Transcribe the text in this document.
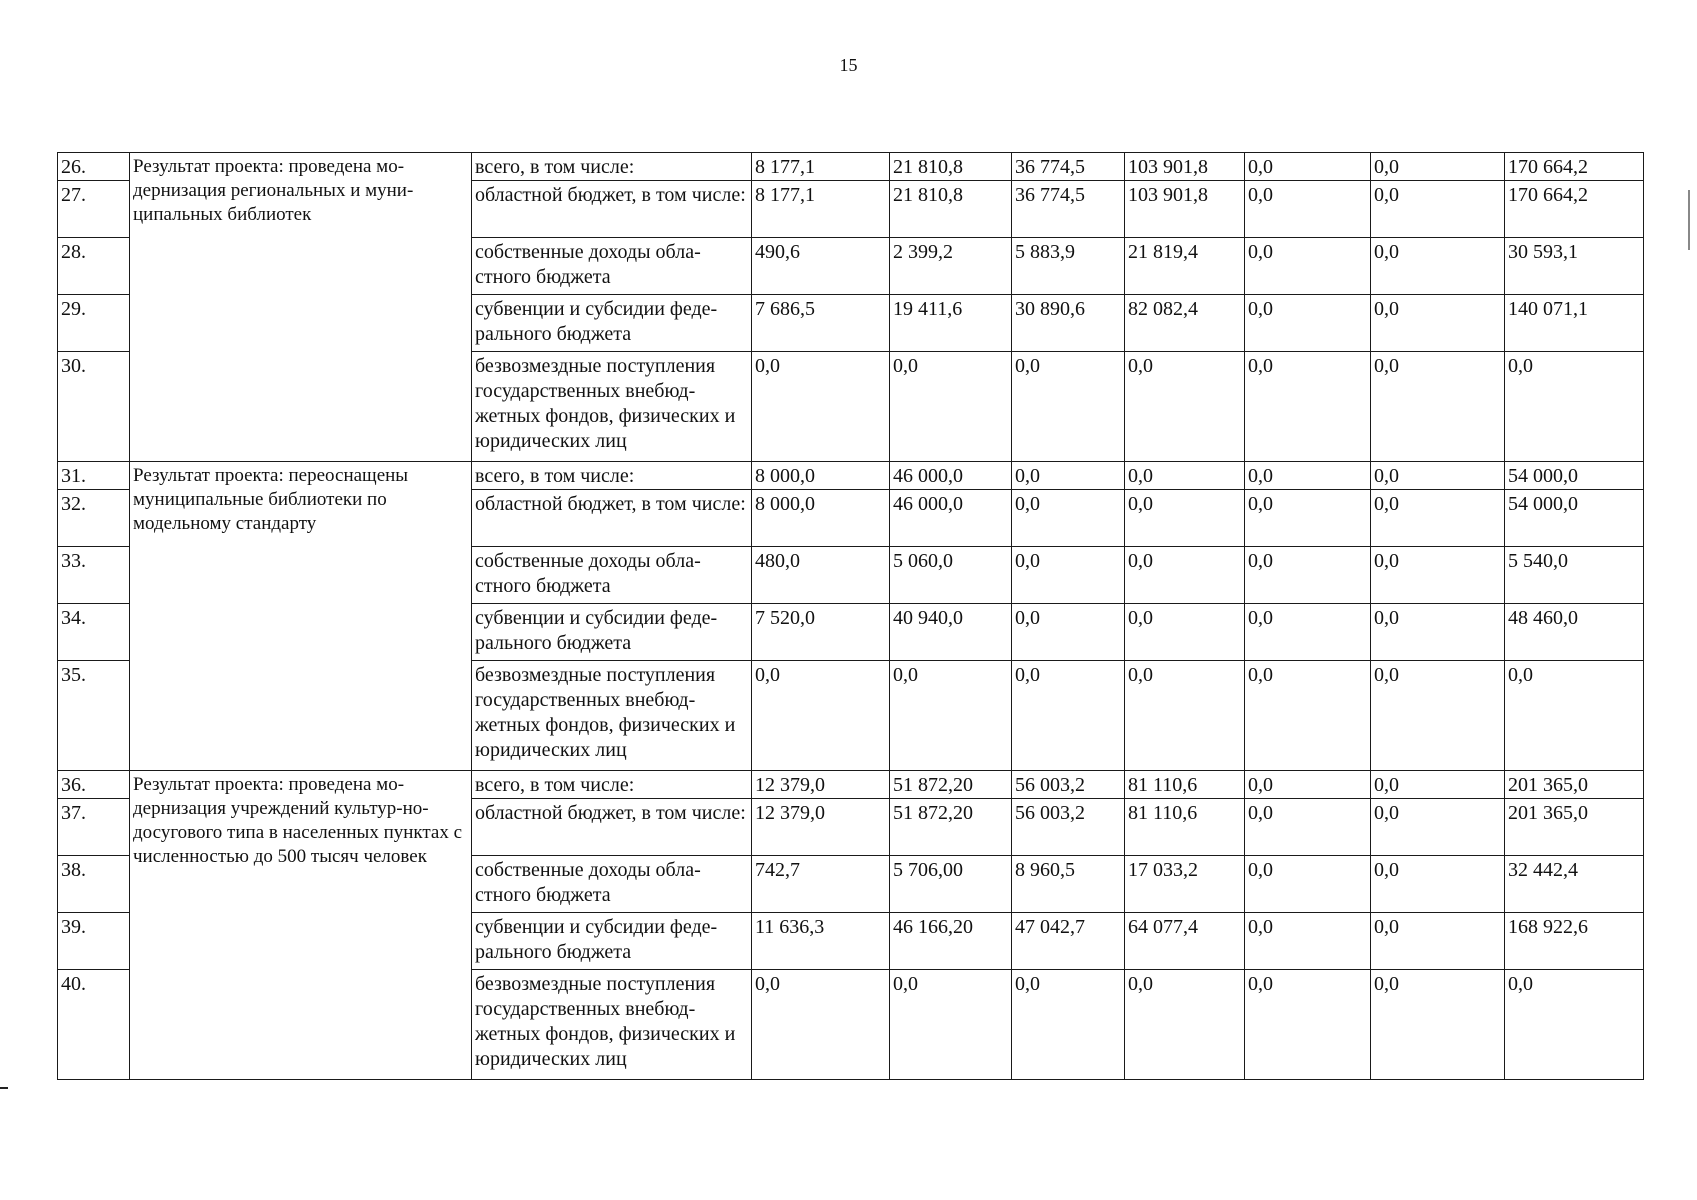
15
26.	Результат проекта: проведена мо-дернизация региональных и муни-ципальных библиотек	всего, в том числе:	8 177,1	21 810,8	36 774,5	103 901,8	0,0	0,0	170 664,2
27.		областной бюджет, в том числе:	8 177,1	21 810,8	36 774,5	103 901,8	0,0	0,0	170 664,2
28.		собственные доходы обла-стного бюджета	490,6	2 399,2	5 883,9	21 819,4	0,0	0,0	30 593,1
29.		субвенции и субсидии феде-рального бюджета	7 686,5	19 411,6	30 890,6	82 082,4	0,0	0,0	140 071,1
30.		безвозмездные поступления государственных внебюд-жетных фондов, физических и юридических лиц	0,0	0,0	0,0	0,0	0,0	0,0	0,0
31.	Результат проекта: переоснащены муниципальные библиотеки по модельному стандарту	всего, в том числе:	8 000,0	46 000,0	0,0	0,0	0,0	0,0	54 000,0
32.		областной бюджет, в том числе:	8 000,0	46 000,0	0,0	0,0	0,0	0,0	54 000,0
33.		собственные доходы обла-стного бюджета	480,0	5 060,0	0,0	0,0	0,0	0,0	5 540,0
34.		субвенции и субсидии феде-рального бюджета	7 520,0	40 940,0	0,0	0,0	0,0	0,0	48 460,0
35.		безвозмездные поступления государственных внебюд-жетных фондов, физических и юридических лиц	0,0	0,0	0,0	0,0	0,0	0,0	0,0
36.	Результат проекта: проведена мо-дернизация учреждений культур-но-досугового типа в населенных пунктах с численностью до 500 тысяч человек	всего, в том числе:	12 379,0	51 872,20	56 003,2	81 110,6	0,0	0,0	201 365,0
37.		областной бюджет, в том числе:	12 379,0	51 872,20	56 003,2	81 110,6	0,0	0,0	201 365,0
38.		собственные доходы обла-стного бюджета	742,7	5 706,00	8 960,5	17 033,2	0,0	0,0	32 442,4
39.		субвенции и субсидии феде-рального бюджета	11 636,3	46 166,20	47 042,7	64 077,4	0,0	0,0	168 922,6
40.		безвозмездные поступления государственных внебюд-жетных фондов, физических и юридических лиц	0,0	0,0	0,0	0,0	0,0	0,0	0,0
